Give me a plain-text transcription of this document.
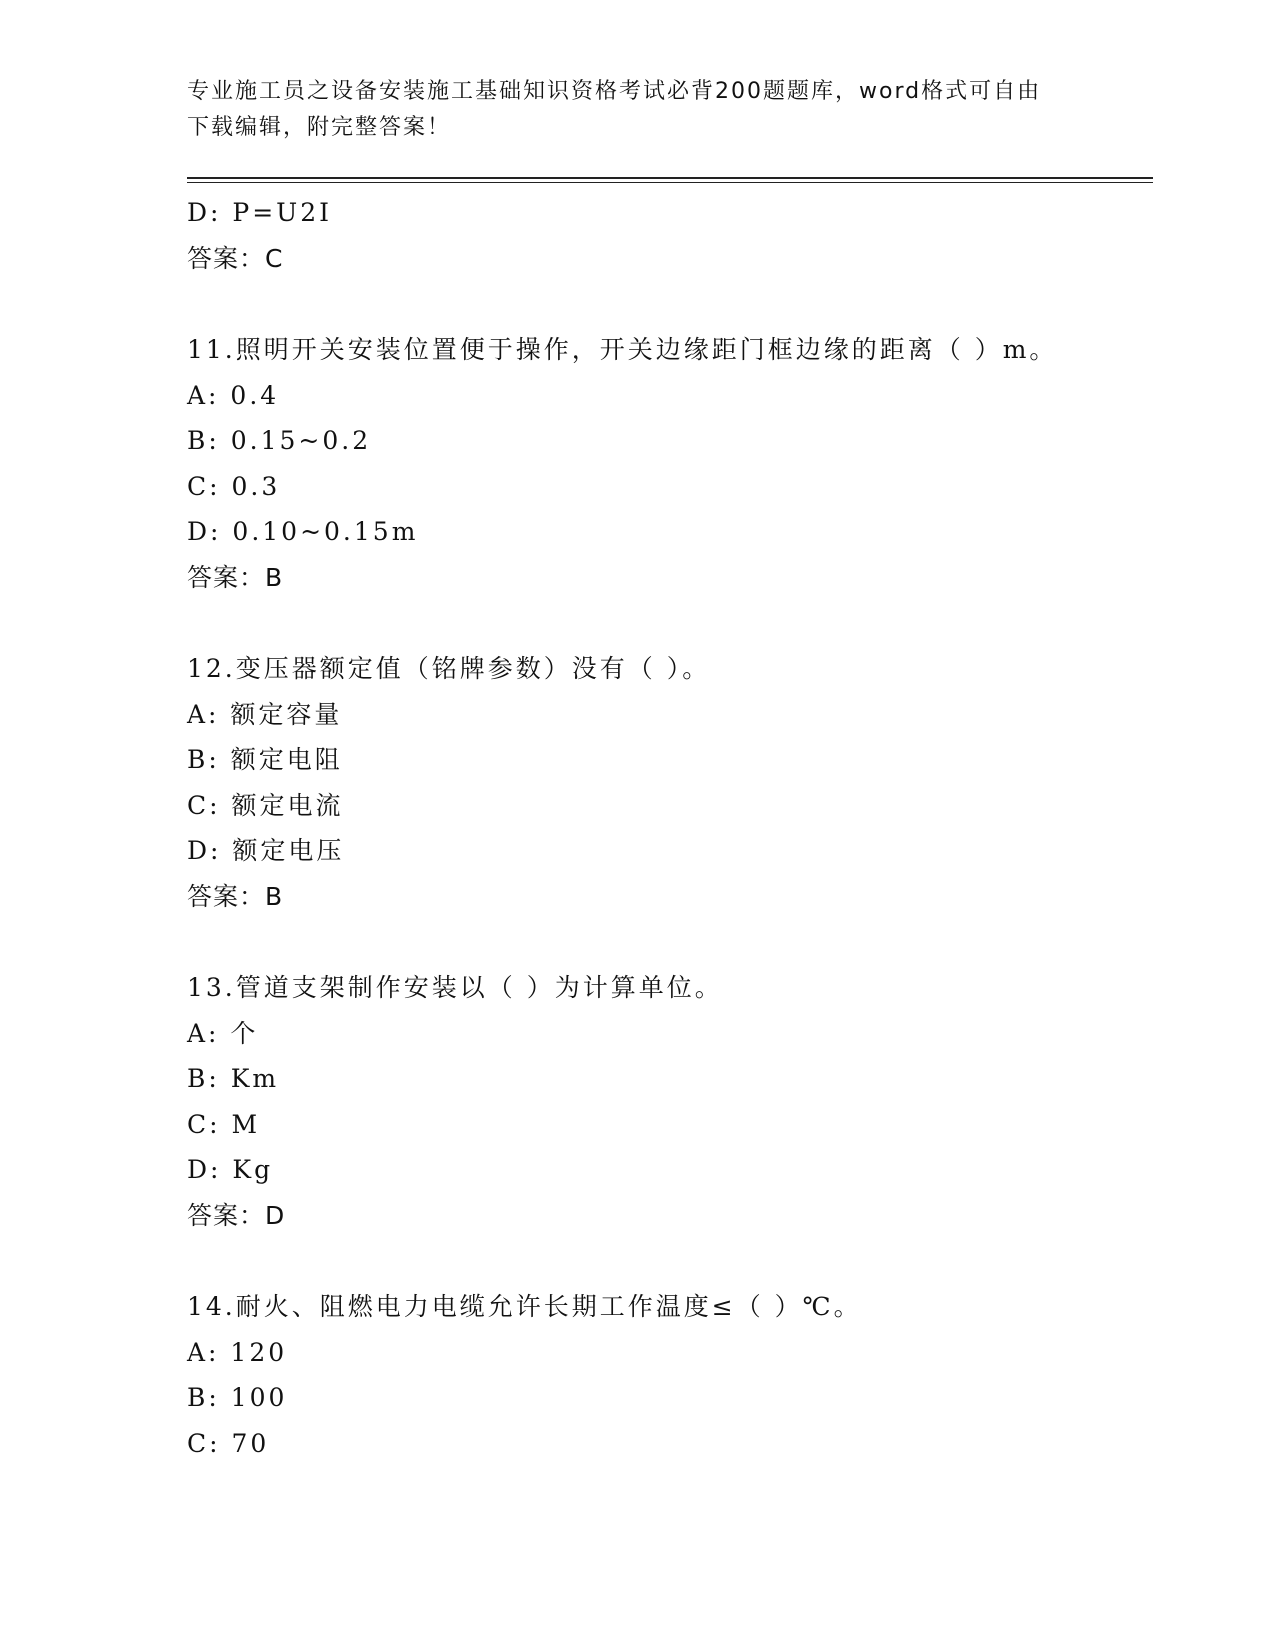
专业施工员之设备安装施工基础知识资格考试必背200题题库，word格式可自由
下载编辑，附完整答案！
D: P=U2I
答案：C
11.照明开关安装位置便于操作，开关边缘距门框边缘的距离（ ）m。
A: 0.4
B: 0.15~0.2
C: 0.3
D: 0.10~0.15m
答案：B
12.变压器额定值（铭牌参数）没有（ ）。
A: 额定容量
B: 额定电阻
C: 额定电流
D: 额定电压
答案：B
13.管道支架制作安装以（ ）为计算单位。
A: 个
B: Km
C: M
D: Kg
答案：D
14.耐火、阻燃电力电缆允许长期工作温度≤（ ）℃。
A: 120
B: 100
C: 70
